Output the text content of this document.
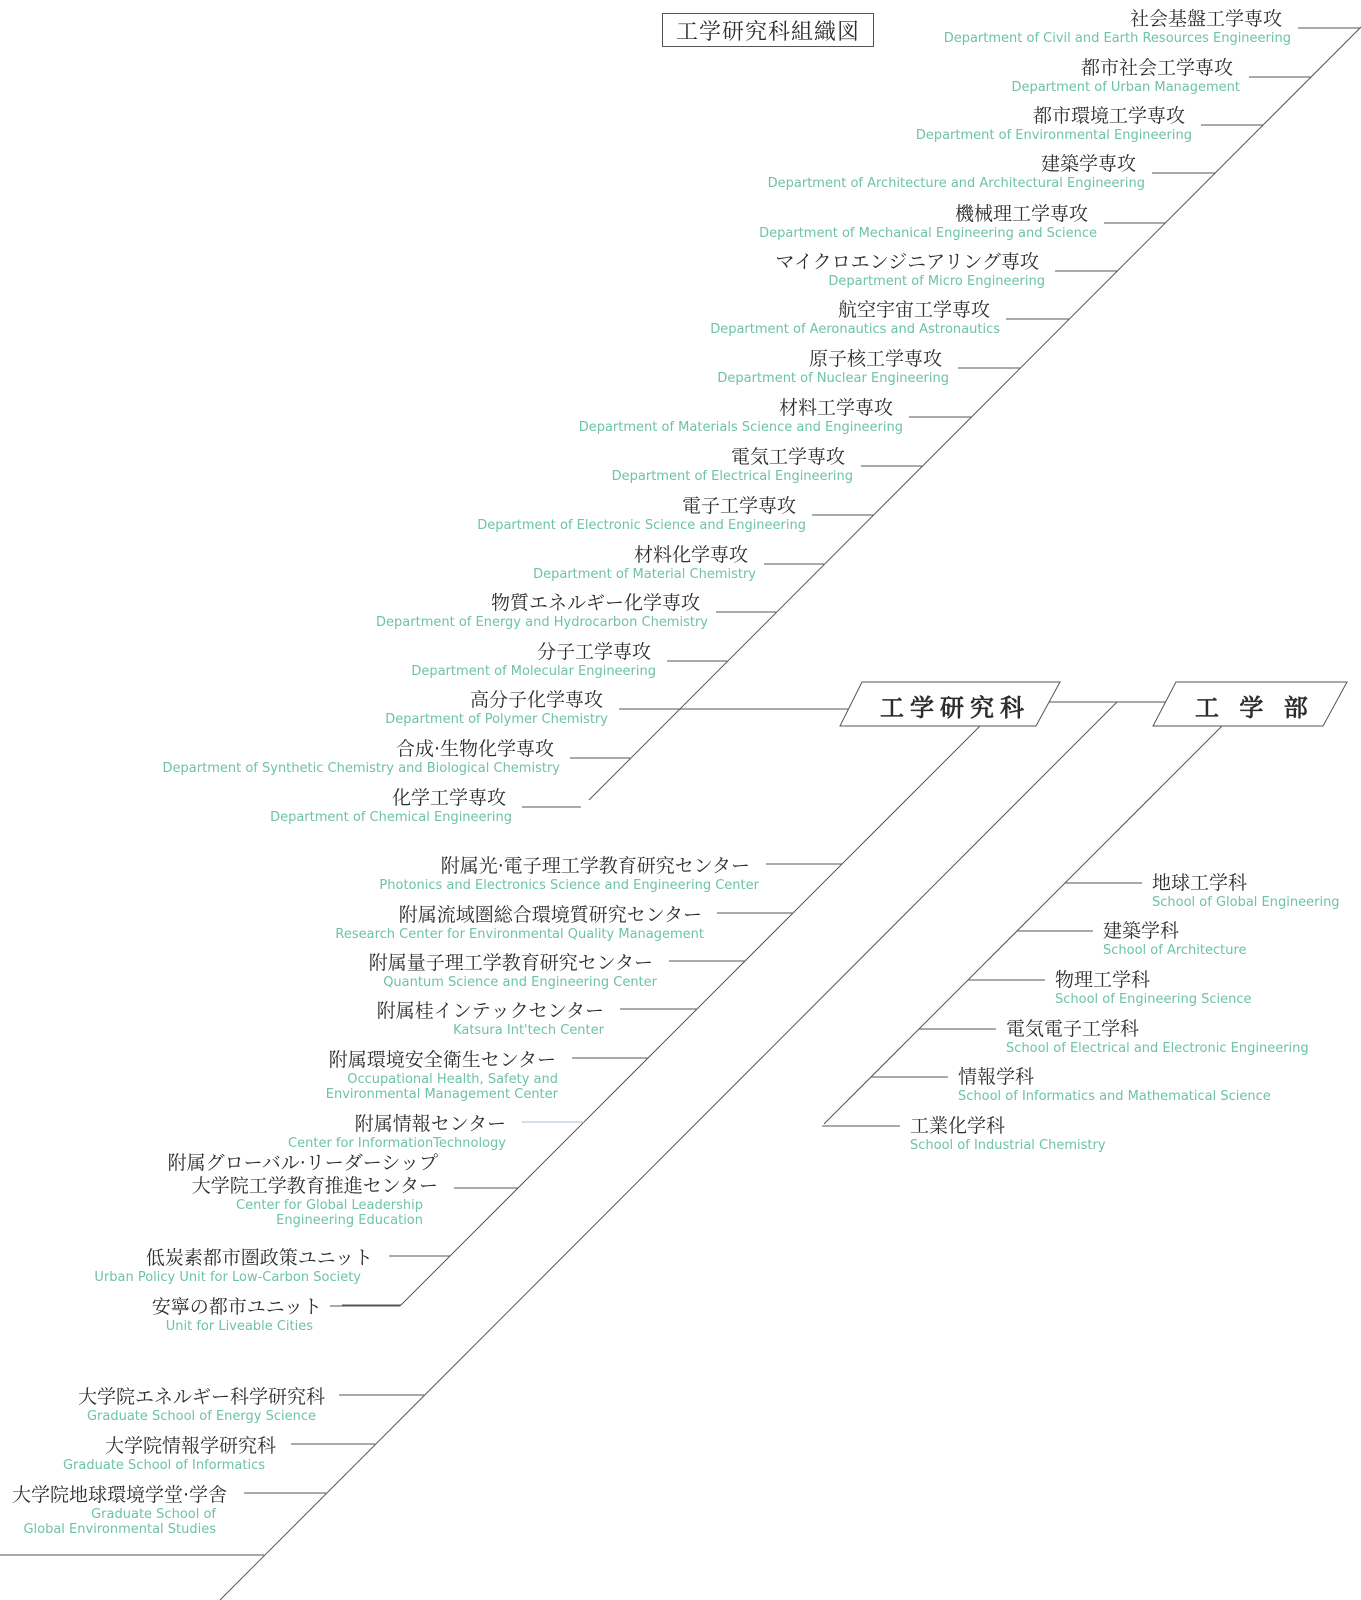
工学研究科組織図
工学研究科	工 学 部
社会基盤工学専攻
Department of Civil and Earth Resources Engineering
都市社会工学専攻
Department of Urban Management
都市環境工学専攻
Department of Environmental Engineering
建築学専攻
Department of Architecture and Architectural Engineering
機械理工学専攻
Department of Mechanical Engineering and Science
マイクロエンジニアリング専攻
Department of Micro Engineering
航空宇宙工学専攻
Department of Aeronautics and Astronautics
原子核工学専攻
Department of Nuclear Engineering
材料工学専攻
Department of Materials Science and Engineering
電気工学専攻
Department of Electrical Engineering
電子工学専攻
Department of Electronic Science and Engineering
材料化学専攻
Department of Material Chemistry
物質エネルギー化学専攻
Department of Energy and Hydrocarbon Chemistry
分子工学専攻
Department of Molecular Engineering
高分子化学専攻
Department of Polymer Chemistry
合成·生物化学専攻
Department of Synthetic Chemistry and Biological Chemistry
化学工学専攻
Department of Chemical Engineering
附属光·電子理工学教育研究センター
Photonics and Electronics Science and Engineering Center
附属流域圏総合環境質研究センター
Research Center for Environmental Quality Management
附属量子理工学教育研究センター
Quantum Science and Engineering Center
附属桂インテックセンター
Katsura Int'tech Center
附属環境安全衛生センター
Occupational Health, Safety and
Environmental Management Center
附属情報センター
Center for InformationTechnology
附属グローバル·リーダーシップ
大学院工学教育推進センター
Center for Global Leadership
Engineering Education
低炭素都市圏政策ユニット
Urban Policy Unit for Low-Carbon Society
安寧の都市ユニット
Unit for Liveable Cities
大学院エネルギー科学研究科
Graduate School of Energy Science
大学院情報学研究科
Graduate School of Informatics
大学院地球環境学堂·学舎
Graduate School of
Global Environmental Studies
地球工学科
School of Global Engineering
建築学科
School of Architecture
物理工学科
School of Engineering Science
電気電子工学科
School of Electrical and Electronic Engineering
情報学科
School of Informatics and Mathematical Science
工業化学科
School of Industrial Chemistry
